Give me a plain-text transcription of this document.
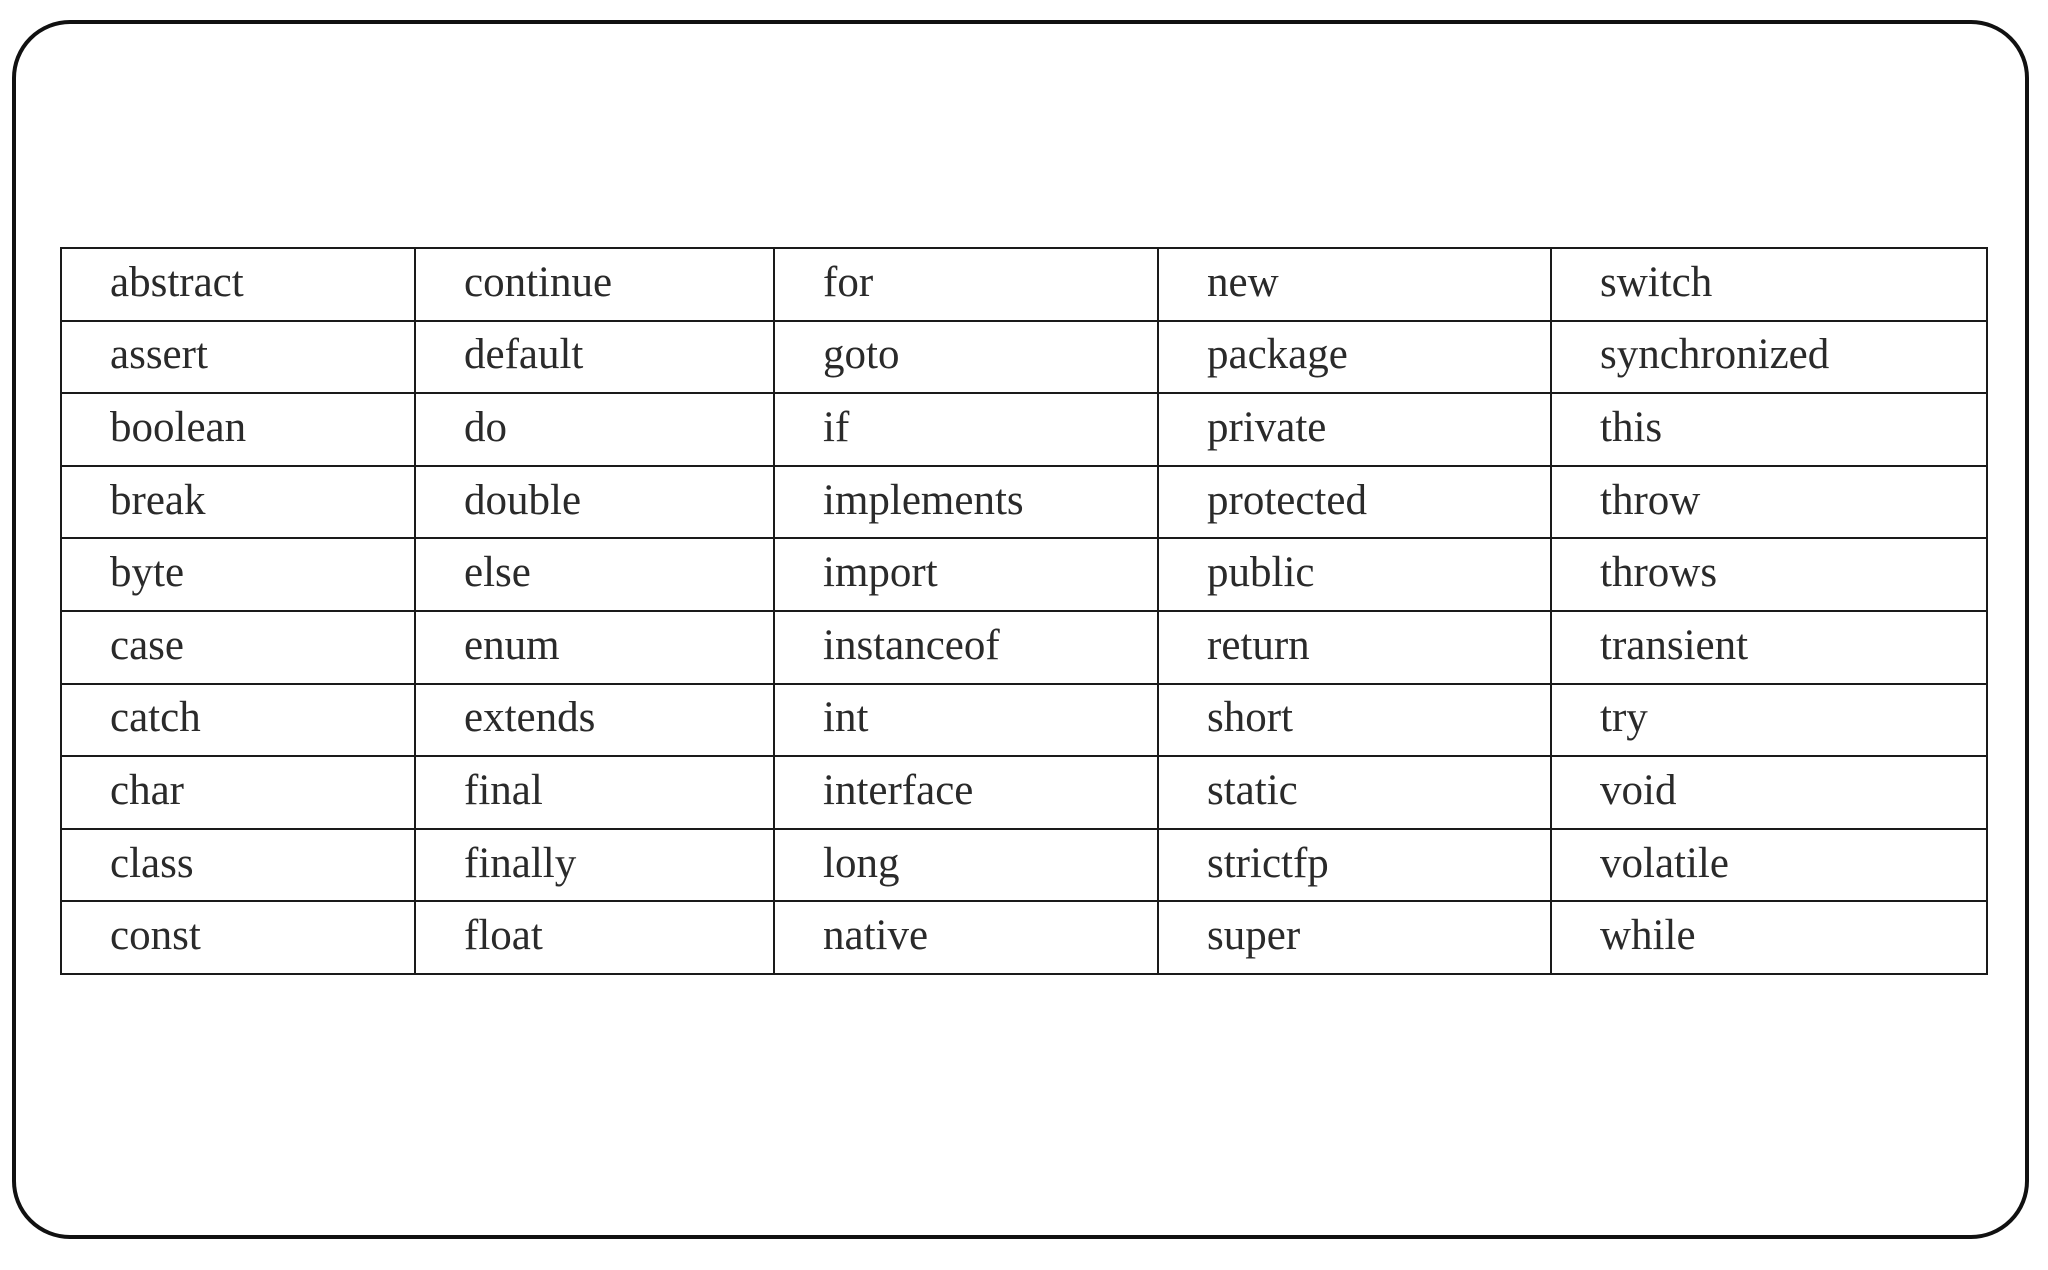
abstract	continue	for	new	switch
assert	default	goto	package	synchronized
boolean	do	if	private	this
break	double	implements	protected	throw
byte	else	import	public	throws
case	enum	instanceof	return	transient
catch	extends	int	short	try
char	final	interface	static	void
class	finally	long	strictfp	volatile
const	float	native	super	while
